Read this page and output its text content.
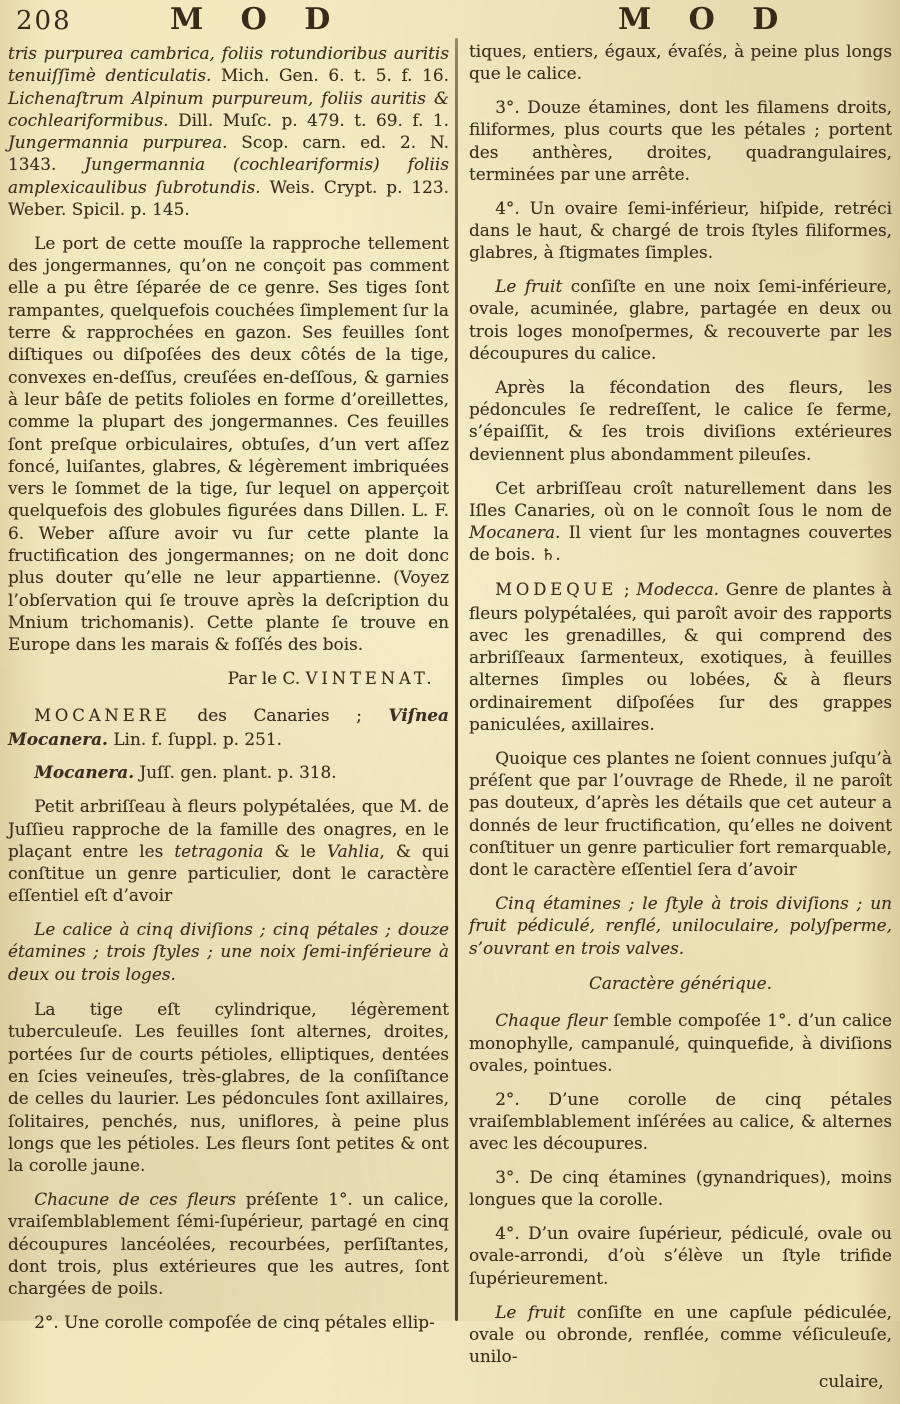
208	M O D	M O D

tris purpurea cambrica, foliis rotundioribus auritis tenuiſſimè denticulatis. Mich. Gen. 6. t. 5. f. 16. Lichenaſtrum Alpinum purpureum, foliis auritis & cochleariformibus. Dill. Muſc. p. 479. t. 69. f. 1. Jungermannia purpurea. Scop. carn. ed. 2. N. 1343. Jungermannia (cochleariformis) foliis amplexicaulibus ſubrotundis. Weis. Crypt. p. 123. Weber. Spicil. p. 145.

Le port de cette mouſſe la rapproche tellement des jongermannes, qu’on ne conçoit pas comment elle a pu être ſéparée de ce genre. Ses tiges ſont rampantes, quelquefois couchées ſimplement ſur la terre & rapprochées en gazon. Ses feuilles ſont diſtiques ou diſpoſées des deux côtés de la tige, convexes en-deſſus, creuſées en-deſſous, & garnies à leur bâſe de petits folioles en forme d’oreillettes, comme la plupart des jongermannes. Ces feuilles ſont preſque orbiculaires, obtuſes, d’un vert aſſez foncé, luiſantes, glabres, & légèrement imbriquées vers le ſommet de la tige, ſur lequel on apperçoit quelquefois des globules figurées dans Dillen. L. F. 6. Weber aſſure avoir vu ſur cette plante la fructification des jongermannes; on ne doit donc plus douter qu’elle ne leur appartienne. (Voyez l’obſervation qui ſe trouve après la deſcription du Mnium trichomanis). Cette plante ſe trouve en Europe dans les marais & foſſés des bois.

Par le C. VINTENAT.

MOCANERE des Canaries ; Viſnea Mocanera. Lin. f. ſuppl. p. 251.

Mocanera. Juſſ. gen. plant. p. 318.

Petit arbriſſeau à fleurs polypétalées, que M. de Juſſieu rapproche de la famille des onagres, en le plaçant entre les tetragonia & le Vahlia, & qui conſtitue un genre particulier, dont le caractère eſſentiel eſt d’avoir

Le calice à cinq diviſions ; cinq pétales ; douze étamines ; trois ſtyles ; une noix ſemi-inférieure à deux ou trois loges.

La tige eſt cylindrique, légèrement tuberculeuſe. Les feuilles ſont alternes, droites, portées ſur de courts pétioles, elliptiques, dentées en ſcies veineuſes, très-glabres, de la conſiſtance de celles du laurier. Les pédoncules ſont axillaires, ſolitaires, penchés, nus, uniflores, à peine plus longs que les pétioles. Les fleurs ſont petites & ont la corolle jaune.

Chacune de ces fleurs préſente 1°. un calice, vraiſemblablement ſémi-ſupérieur, partagé en cinq découpures lancéolées, recourbées, perſiſtantes, dont trois, plus extérieures que les autres, ſont chargées de poils.

2°. Une corolle compoſée de cinq pétales ellip-

tiques, entiers, égaux, évaſés, à peine plus longs que le calice.

3°. Douze étamines, dont les filamens droits, filiformes, plus courts que les pétales ; portent des anthères, droites, quadrangulaires, terminées par une arrête.

4°. Un ovaire ſemi-inférieur, hiſpide, retréci dans le haut, & chargé de trois ſtyles filiformes, glabres, à ſtigmates ſimples.

Le fruit conſiſte en une noix ſemi-inférieure, ovale, acuminée, glabre, partagée en deux ou trois loges monoſpermes, & recouverte par les découpures du calice.

Après la fécondation des fleurs, les pédoncules ſe redreſſent, le calice ſe ferme, s’épaiſſit, & ſes trois diviſions extérieures deviennent plus abondamment pileuſes.

Cet arbriſſeau croît naturellement dans les Iſles Canaries, où on le connoît ſous le nom de Mocanera. Il vient ſur les montagnes couvertes de bois. ♄.

MODEQUE ; Modecca. Genre de plantes à fleurs polypétalées, qui paroît avoir des rapports avec les grenadilles, & qui comprend des arbriſſeaux ſarmenteux, exotiques, à feuilles alternes ſimples ou lobées, & à fleurs ordinairement diſpoſées ſur des grappes paniculées, axillaires.

Quoique ces plantes ne ſoient connues juſqu’à préſent que par l’ouvrage de Rhede, il ne paroît pas douteux, d’après les détails que cet auteur a donnés de leur fructification, qu’elles ne doivent conſtituer un genre particulier fort remarquable, dont le caractère eſſentiel ſera d’avoir

Cinq étamines ; le ſtyle à trois diviſions ; un fruit pédiculé, renflé, uniloculaire, polyſperme, s’ouvrant en trois valves.

Caractère générique.

Chaque fleur ſemble compoſée 1°. d’un calice monophylle, campanulé, quinquefide, à diviſions ovales, pointues.

2°. D’une corolle de cinq pétales vraiſemblablement inſérées au calice, & alternes avec les découpures.

3°. De cinq étamines (gynandriques), moins longues que la corolle.

4°. D’un ovaire ſupérieur, pédiculé, ovale ou ovale-arrondi, d’où s’élève un ſtyle trifide ſupérieurement.

Le fruit conſiſte en une capſule pédiculée, ovale ou obronde, renflée, comme véſiculeuſe, unilo-

culaire,
